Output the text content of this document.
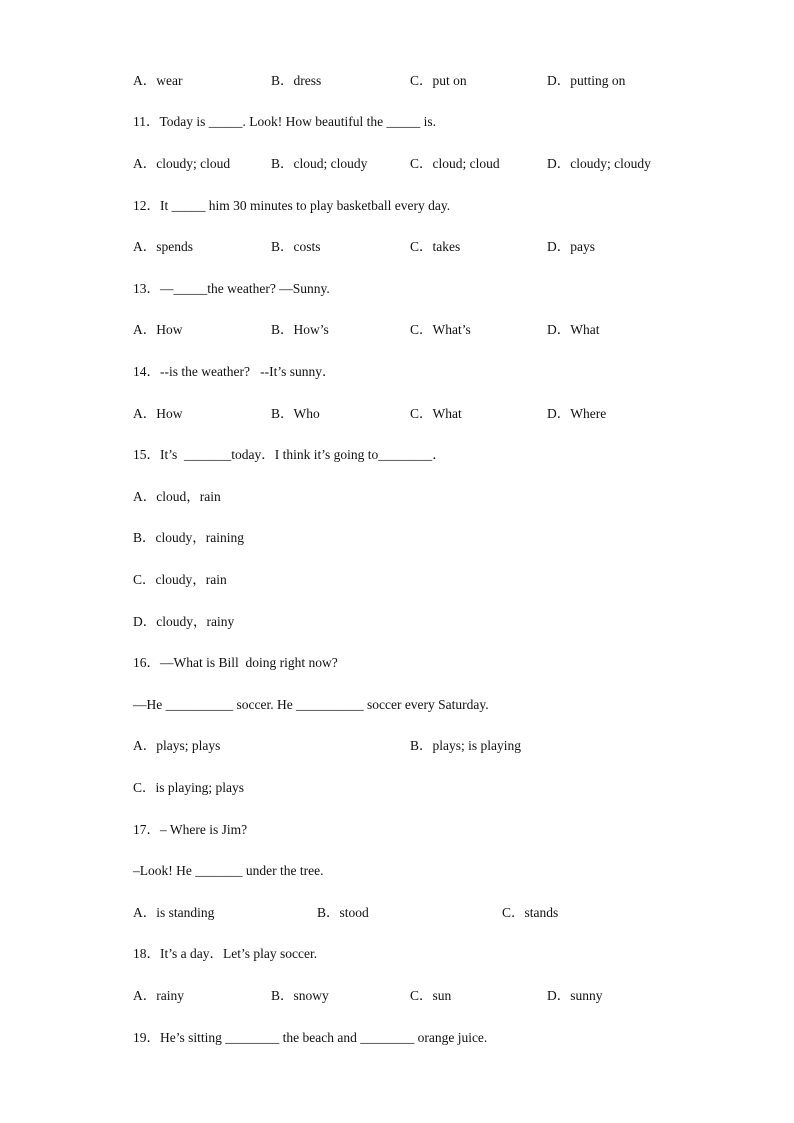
A．wear	B．dress	C．put on	D．putting on
11．Today is _____. Look! How beautiful the _____ is.
A．cloudy; cloud	B．cloud; cloudy	C．cloud; cloud	D．cloudy; cloudy
12．It _____ him 30 minutes to play basketball every day.
A．spends	B．costs	C．takes	D．pays
13．—_____the weather? —Sunny.
A．How	B．How’s	C．What’s	D．What
14．--is the weather?   --It’s sunny．
A．How	B．Who	C．What	D．Where
15．It’s  _______today．I think it’s going to________．
A．cloud，rain
B．cloudy，raining
C．cloudy，rain
D．cloudy，rainy
16．—What is Bill  doing right now?
—He __________ soccer. He __________ soccer every Saturday.
A．plays; plays	B．plays; is playing
C．is playing; plays
17．– Where is Jim?
–Look! He _______ under the tree.
A．is standing	B．stood	C．stands
18．It’s a day．Let’s play soccer.
A．rainy	B．snowy	C．sun	D．sunny
19．He’s sitting ________ the beach and ________ orange juice.
